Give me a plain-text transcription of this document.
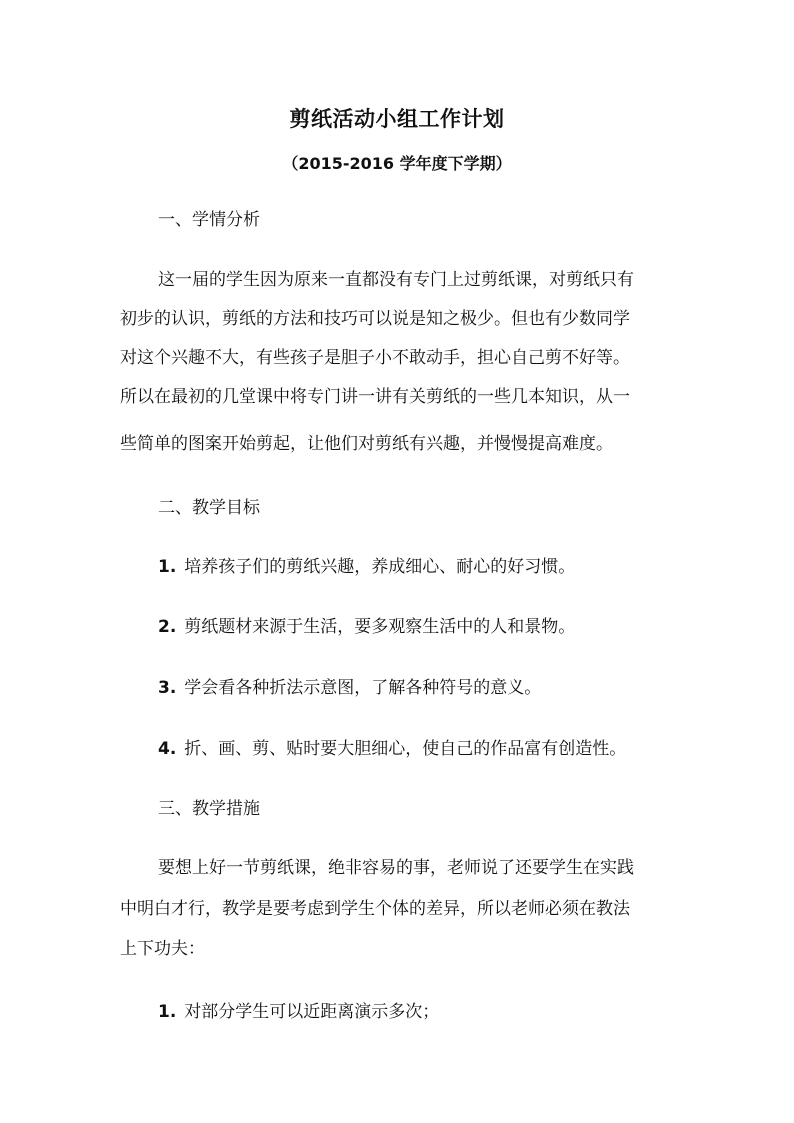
剪纸活动小组工作计划
（2015-2016 学年度下学期）
一、学情分析
这一届的学生因为原来一直都没有专门上过剪纸课，对剪纸只有
初步的认识，剪纸的方法和技巧可以说是知之极少。但也有少数同学
对这个兴趣不大，有些孩子是胆子小不敢动手，担心自己剪不好等。
所以在最初的几堂课中将专门讲一讲有关剪纸的一些几本知识，从一
些简单的图案开始剪起，让他们对剪纸有兴趣，并慢慢提高难度。
二、教学目标
1. 培养孩子们的剪纸兴趣，养成细心、耐心的好习惯。
2. 剪纸题材来源于生活，要多观察生活中的人和景物。
3. 学会看各种折法示意图，了解各种符号的意义。
4. 折、画、剪、贴时要大胆细心，使自己的作品富有创造性。
三、教学措施
要想上好一节剪纸课，绝非容易的事，老师说了还要学生在实践
中明白才行，教学是要考虑到学生个体的差异，所以老师必须在教法
上下功夫：
1. 对部分学生可以近距离演示多次；
